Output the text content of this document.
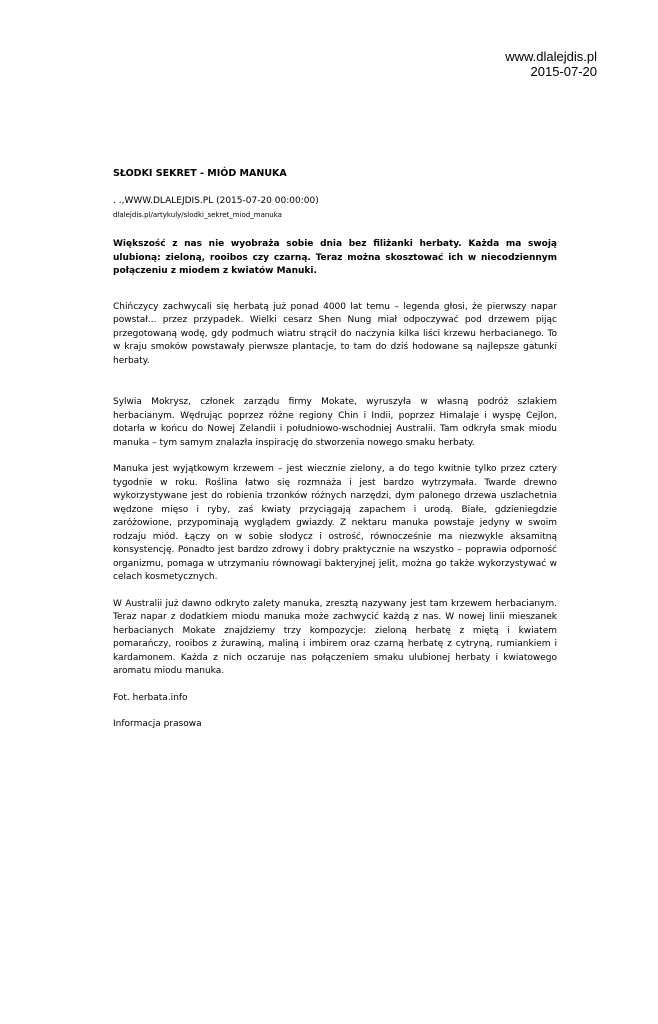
www.dlalejdis.pl
2015-07-20
SŁODKI SEKRET - MIÓD MANUKA
. .,WWW.DLALEJDIS.PL (2015-07-20 00:00:00)
dlalejdis.pl/artykuly/slodki_sekret_miod_manuka

Większość z nas nie wyobraża sobie dnia bez filiżanki herbaty. Każda ma swoją ulubioną: zieloną, rooibos czy czarną. Teraz można skosztować ich w niecodziennym połączeniu z miodem z kwiatów Manuki.

Chińczycy zachwycali się herbatą już ponad 4000 lat temu – legenda głosi, że pierwszy napar powstał... przez przypadek. Wielki cesarz Shen Nung miał odpoczywać pod drzewem pijąc przegotowaną wodę, gdy podmuch wiatru strącił do naczynia kilka liści krzewu herbacianego. To w kraju smoków powstawały pierwsze plantacje, to tam do dziś hodowane są najlepsze gatunki herbaty.

Sylwia Mokrysz, członek zarządu firmy Mokate, wyruszyła w własną podróż szlakiem herbacianym. Wędrując poprzez różne regiony Chin i Indii, poprzez Himalaje i wyspę Cejlon, dotarła w końcu do Nowej Zelandii i południowo-wschodniej Australii. Tam odkryła smak miodu manuka – tym samym znalazła inspirację do stworzenia nowego smaku herbaty.

Manuka jest wyjątkowym krzewem – jest wiecznie zielony, a do tego kwitnie tylko przez cztery tygodnie w roku. Roślina łatwo się rozmnaża i jest bardzo wytrzymała. Twarde drewno wykorzystywane jest do robienia trzonków różnych narzędzi, dym palonego drzewa uszlachetnia wędzone mięso i ryby, zaś kwiaty przyciągają zapachem i urodą. Białe, gdzieniegdzie zaróżowione, przypominają wyglądem gwiazdy. Z nektaru manuka powstaje jedyny w swoim rodzaju miód. Łączy on w sobie słodycz i ostrość, równocześnie ma niezwykle aksamitną konsystencję. Ponadto jest bardzo zdrowy i dobry praktycznie na wszystko – poprawia odporność organizmu, pomaga w utrzymaniu równowagi bakteryjnej jelit, można go także wykorzystywać w celach kosmetycznych.

W Australii już dawno odkryto zalety manuka, zresztą nazywany jest tam krzewem herbacianym. Teraz napar z dodatkiem miodu manuka może zachwycić każdą z nas. W nowej linii mieszanek herbacianych Mokate znajdziemy trzy kompozycje: zieloną herbatę z miętą i kwiatem pomarańczy, rooibos z żurawiną, maliną i imbirem oraz czarną herbatę z cytryną, rumiankiem i kardamonem. Każda z nich oczaruje nas połączeniem smaku ulubionej herbaty i kwiatowego aromatu miodu manuka.

Fot. herbata.info

Informacja prasowa
